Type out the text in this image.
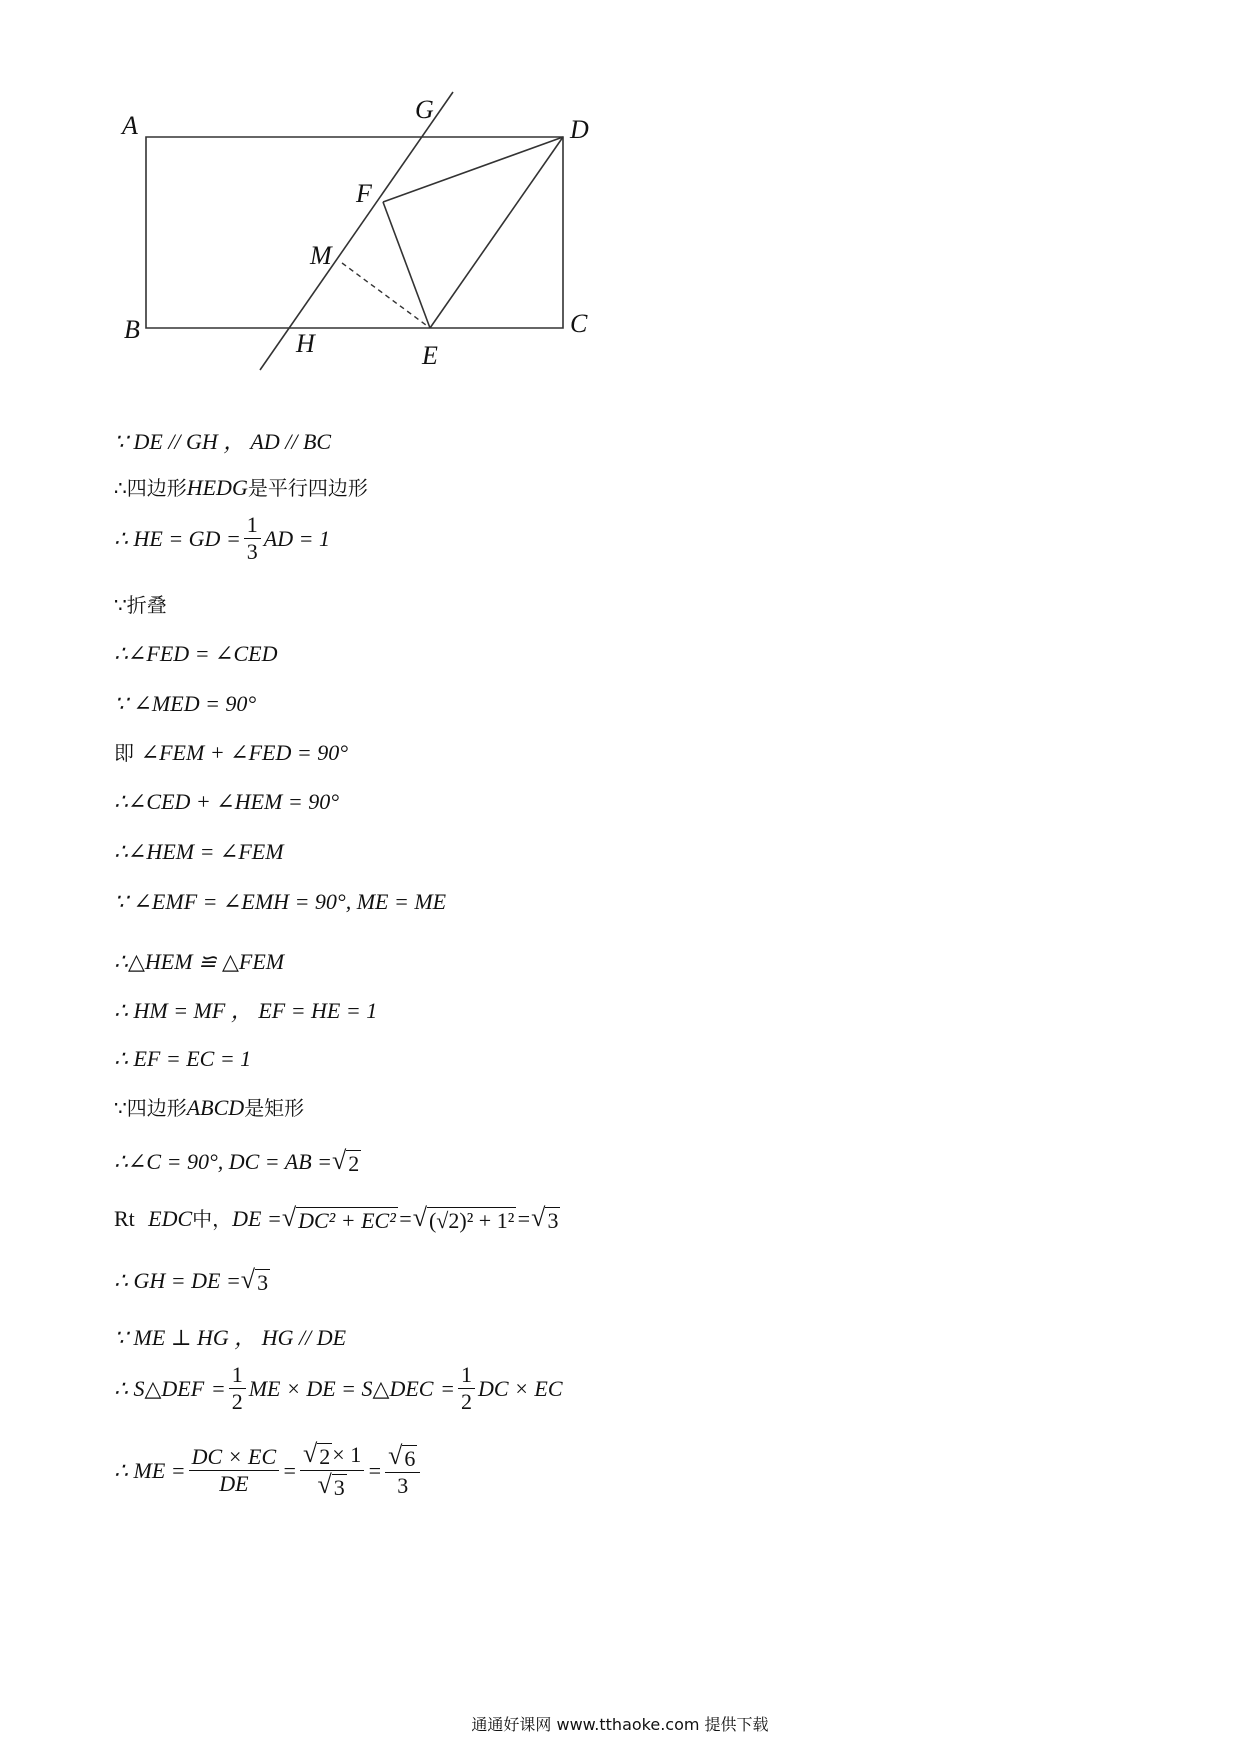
A
B	C
D
E
F
G
H
M
∵ DE // GH ， AD // BC
∴四边形 HEDG 是平行四边形
∴ HE = GD = $\frac{1}{3}$ AD = 1
∵折叠
∴∠FED = ∠CED
∵ ∠MED = 90°
即
∠FEM + ∠FED = 90°
∴∠CED + ∠HEM = 90°
∴∠HEM = ∠FEM
∵ ∠EMF = ∠EMH = 90°, ME = ME
∴△HEM ≌ △FEM
∴ HM = MF ， EF = HE = 1
∴ EF = EC = 1
∵四边形 ABCD 是矩形
∴∠C = 90°, DC = AB = √ 2
Rt
EDC 中， DE = √ DC² + EC² = √ (√2)² + 1² = √ 3
∴ GH = DE = √ 3
∵ ME ⊥ HG ， HG // DE
∴ S △DEF
= $\frac{1}{2}$ ME × DE = S △DEC
= $\frac{1}{2}$ DC × EC
∴ ME = $\frac{DC \times EC}{DE} = \frac{√ 2 \times 1}{√ 3} = \frac{√ 6}{3}$
通通好课网 www.tthaoke.com 提供下载
